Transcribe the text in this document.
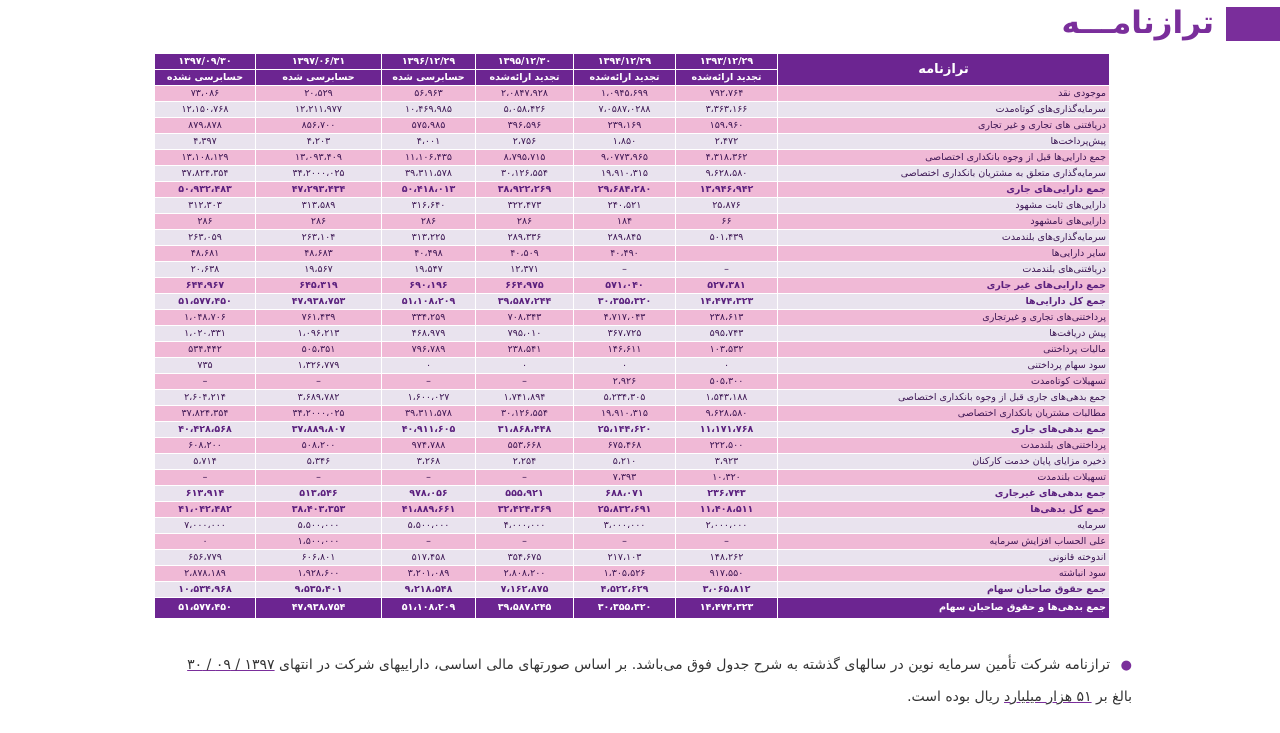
ترازنامـــه
ترازنامه	۱۳۹۳/۱۲/۲۹	۱۳۹۴/۱۲/۲۹	۱۳۹۵/۱۲/۳۰	۱۳۹۶/۱۲/۲۹	۱۳۹۷/۰۶/۳۱	۱۳۹۷/۰۹/۳۰
	تجدید ارائەشده	تجدید ارائەشده	تجدید ارائەشده	حسابرسی شده	حسابرسی شده	حسابرسی نشده
موجودی نقد	۷۹۲،۷۶۴	۱،۰۹۴۵،۶۹۹	۲،۰۸۴۷،۹۲۸	۵۶،۹۶۳	۲۰،۵۲۹	۷۳،۰۸۶
سرمایه‌گذاری‌های کوتاه‌مدت	۳،۳۶۳،۱۶۶	۷،۰۵۸۷،۰۲۸۸	۵،۰۵۸،۴۲۶	۱۰،۴۶۹،۹۸۵	۱۲،۲۱۱،۹۷۷	۱۲،۱۵۰،۷۶۸
دریافتنی های تجاری و غیر تجاری	۱۵۹،۹۶۰	۲۳۹،۱۶۹	۳۹۶،۵۹۶	۵۷۵،۹۸۵	۸۵۶،۷۰۰	۸۷۹،۸۷۸
پیش‌پرداخت‌ها	۲،۴۷۲	۱،۸۵۰	۲،۷۵۶	۴،۰۰۱	۴،۲۰۳	۴،۳۹۷
جمع دارایی‌ها قبل از وجوه بانکداری اختصاصی	۴،۳۱۸،۳۶۲	۹،۰۷۷۳،۹۶۵	۸،۷۹۵،۷۱۵	۱۱،۱۰۶،۴۳۵	۱۳،۰۹۳،۴۰۹	۱۳،۱۰۸،۱۲۹
سرمایه‌گذاری متعلق به مشتریان بانکداری اختصاصی	۹،۶۲۸،۵۸۰	۱۹،۹۱۰،۳۱۵	۳۰،۱۲۶،۵۵۴	۳۹،۳۱۱،۵۷۸	۳۴،۲۰۰۰،۰۲۵	۳۷،۸۲۴،۳۵۴
جمع دارایی‌های جاری	۱۳،۹۴۶،۹۴۲	۲۹،۶۸۴،۲۸۰	۳۸،۹۲۲،۲۶۹	۵۰،۴۱۸،۰۱۳	۴۷،۲۹۳،۴۳۴	۵۰،۹۳۲،۴۸۳
دارایی‌های ثابت مشهود	۲۵،۸۷۶	۲۴۰،۵۲۱	۳۲۲،۴۷۳	۳۱۶،۶۴۰	۳۱۳،۵۸۹	۳۱۲،۳۰۳
دارایی‌های نامشهود	۶۶	۱۸۴	۲۸۶	۲۸۶	۲۸۶	۲۸۶
سرمایه‌گذاری‌های بلندمدت	۵۰۱،۴۳۹	۲۸۹،۸۴۵	۲۸۹،۳۳۶	۳۱۳،۲۲۵	۲۶۳،۱۰۴	۲۶۳،۰۵۹
سایر دارایی‌ها		۴۰،۴۹۰	۴۰،۵۰۹	۴۰،۴۹۸	۴۸،۶۸۳	۴۸،۶۸۱
دریافتنی‌های بلندمدت	–	–	۱۲،۳۷۱	۱۹،۵۴۷	۱۹،۵۶۷	۲۰،۶۳۸
جمع دارایی‌های غیر جاری	۵۲۷،۳۸۱	۵۷۱،۰۴۰	۶۶۴،۹۷۵	۶۹۰،۱۹۶	۶۴۵،۳۱۹	۶۴۴،۹۶۷
جمع کل دارایی‌ها	۱۴،۴۷۴،۳۲۳	۳۰،۳۵۵،۳۲۰	۳۹،۵۸۷،۲۴۴	۵۱،۱۰۸،۲۰۹	۴۷،۹۳۸،۷۵۳	۵۱،۵۷۷،۴۵۰
پرداختنی‌های تجاری و غیرتجاری	۲۳۸،۶۱۳	۴،۷۱۷،۰۴۳	۷۰۸،۳۴۳	۳۳۴،۲۵۹	۷۶۱،۴۳۹	۱،۰۴۸،۷۰۶
پیش دریافت‌ها	۵۹۵،۷۴۳	۳۶۷،۷۲۵	۷۹۵،۰۱۰	۴۶۸،۹۷۹	۱،۰۹۶،۲۱۳	۱،۰۲۰،۳۳۱
مالیات پرداختنی	۱۰۳،۵۳۲	۱۴۶،۶۱۱	۲۳۸،۵۴۱	۷۹۶،۷۸۹	۵۰۵،۳۵۱	۵۳۴،۴۴۲
سود سهام پرداختنی	۰	۰	۰	۰	۱،۳۲۶،۷۷۹	۷۳۵
تسهیلات کوتاه‌مدت	۵۰۵،۳۰۰	۲،۹۲۶	–	–	–	–
جمع بدهی‌های جاری قبل از وجوه بانکداری اختصاصی	۱،۵۴۳،۱۸۸	۵،۲۳۴،۳۰۵	۱،۷۴۱،۸۹۴	۱،۶۰۰،۰۲۷	۳،۶۸۹،۷۸۲	۲،۶۰۴،۲۱۴
مطالبات مشتریان بانکداری اختصاصی	۹،۶۲۸،۵۸۰	۱۹،۹۱۰،۳۱۵	۳۰،۱۲۶،۵۵۴	۳۹،۳۱۱،۵۷۸	۳۴،۲۰۰۰،۰۲۵	۳۷،۸۲۴،۳۵۴
جمع بدهی‌های جاری	۱۱،۱۷۱،۷۶۸	۲۵،۱۴۴،۶۲۰	۳۱،۸۶۸،۴۴۸	۴۰،۹۱۱،۶۰۵	۳۷،۸۸۹،۸۰۷	۴۰،۴۲۸،۵۶۸
پرداختنی‌های بلندمدت	۲۲۲،۵۰۰	۶۷۵،۴۶۸	۵۵۳،۶۶۸	۹۷۴،۷۸۸	۵۰۸،۲۰۰	۶۰۸،۲۰۰
ذخیره مزایای پایان خدمت کارکنان	۳،۹۲۳	۵،۲۱۰	۲،۲۵۴	۳،۲۶۸	۵،۳۴۶	۵،۷۱۴
تسهیلات بلندمدت	۱۰،۳۲۰	۷،۳۹۳	–	–	–	–
جمع بدهی‌های غیرجاری	۲۳۶،۷۴۳	۶۸۸،۰۷۱	۵۵۵،۹۲۱	۹۷۸،۰۵۶	۵۱۳،۵۴۶	۶۱۳،۹۱۴
جمع کل بدهی‌ها	۱۱،۴۰۸،۵۱۱	۲۵،۸۳۲،۶۹۱	۳۲،۴۲۴،۳۶۹	۴۱،۸۸۹،۶۶۱	۳۸،۴۰۳،۳۵۳	۴۱،۰۴۲،۴۸۲
سرمایه	۲،۰۰۰،۰۰۰	۳،۰۰۰،۰۰۰	۴،۰۰۰،۰۰۰	۵،۵۰۰،۰۰۰	۵،۵۰۰،۰۰۰	۷،۰۰۰،۰۰۰
علی الحساب افزایش سرمایه	–	–	–	–	۱،۵۰۰،۰۰۰	۰
اندوخته قانونی	۱۴۸،۲۶۲	۲۱۷،۱۰۳	۳۵۴،۶۷۵	۵۱۷،۴۵۸	۶۰۶،۸۰۱	۶۵۶،۷۷۹
سود انباشته	۹۱۷،۵۵۰	۱،۳۰۵،۵۲۶	۲،۸۰۸،۲۰۰	۳،۲۰۱،۰۸۹	۱،۹۲۸،۶۰۰	۲،۸۷۸،۱۸۹
جمع حقوق صاحبان سهام	۳،۰۶۵،۸۱۲	۴،۵۲۲،۶۲۹	۷،۱۶۲،۸۷۵	۹،۲۱۸،۵۴۸	۹،۵۳۵،۴۰۱	۱۰،۵۳۴،۹۶۸
جمع بدهی‌ها و حقوق صاحبان سهام	۱۴،۴۷۴،۳۲۳	۳۰،۳۵۵،۳۲۰	۳۹،۵۸۷،۲۴۵	۵۱،۱۰۸،۲۰۹	۴۷،۹۳۸،۷۵۴	۵۱،۵۷۷،۴۵۰
● ترازنامه شرکت تأمین سرمایه نوین در سالهای گذشته به شرح جدول فوق می‌باشد. بر اساس صورتهای مالی اساسی، داراییهای شرکت در انتهای ۱۳۹۷ / ۰۹ / ۳۰
بالغ بر ۵۱ هزار میلیارد ریال بوده است.
